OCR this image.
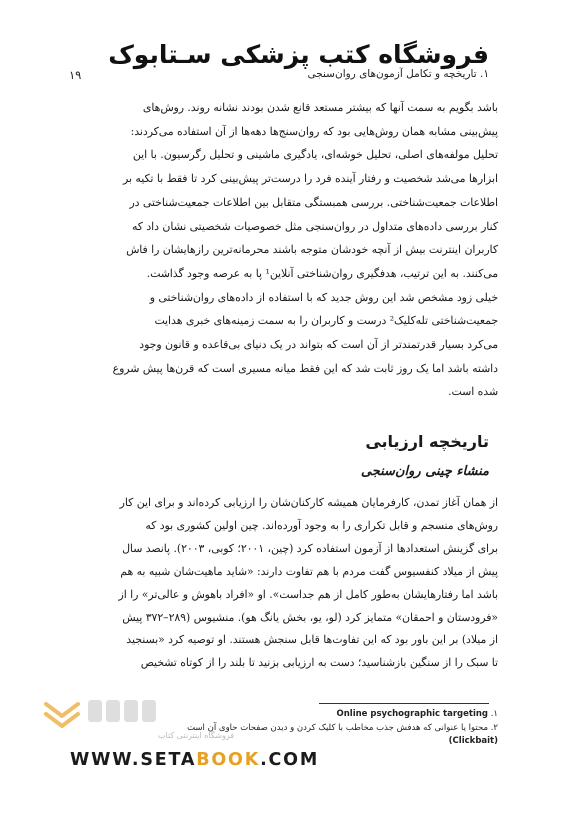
فروشگاه کتب پزشکی سـتابوک
۱. تاریخچه و تکامل آزمون‌های روان‌سنجی
۱۹
باشد بگویم به سمت آنها که بیشتر مستعد قانع شدن بودند نشانه روند. روش‌های
پیش‌بینی مشابه همان روش‌هایی بود که روان‌سنج‌ها دهه‌ها از آن استفاده می‌کردند:
تحلیل مولفه‌های اصلی، تحلیل خوشه‌ای، یادگیری ماشینی و تحلیل رگرسیون. با این
ابزارها می‌شد شخصیت و رفتار آینده فرد را درست‌تر پیش‌بینی کرد تا فقط با تکیه بر
اطلاعات جمعیت‌شناختی. بررسی همبستگی متقابل بین اطلاعات جمعیت‌شناختی در
کنار بررسی داده‌های متداول در روان‌سنجی مثل خصوصیات شخصیتی نشان داد که
کاربران اینترنت بیش از آنچه خودشان متوجه باشند محرمانه‌ترین رازهایشان را فاش
می‌کنند. به این ترتیب، هدفگیری روان‌شناختی آنلاین¹ پا به عرصه وجود گذاشت.
خیلی زود مشخص شد این روش جدید که با استفاده از داده‌های روان‌شناختی و
جمعیت‌شناختی تله‌کلیک² درست و کاربران را به سمت زمینه‌های خبری هدایت
می‌کرد بسیار قدرتمندتر از آن است که بتواند در یک دنیای بی‌قاعده و قانون وجود
داشته باشد اما یک روز ثابت شد که این فقط میانه مسیری است که قرن‌ها پیش شروع
شده است.
تاریخچه ارزیابی
منشاء چینی روان‌سنجی
از همان آغاز تمدن، کارفرمایان همیشه کارکنان‌شان را ارزیابی کرده‌اند و برای این کار
روش‌های منسجم و قابل تکراری را به وجود آورده‌اند. چین اولین کشوری بود که
برای گزینش استعدادها از آزمون استفاده کرد (چین، ۲۰۰۱؛ کوبی، ۲۰۰۳). پانصد سال
پیش از میلاد کنفسیوس گفت مردم با هم تفاوت دارند: «شاید ماهیت‌شان شبیه به هم
باشد اما رفتارهایشان به‌طور کامل از هم جداست». او «افراد با‌هوش و عالی‌تر» را از
«فرودستان و احمقان» متمایز کرد (لو، یو، بخش یانگ هو). منشیوس (۲۸۹–۳۷۲ پیش
از میلاد) بر این باور بود که این تفاوت‌ها قابل سنجش هستند. او توصیه کرد «بسنجید
تا سبک را از سنگین بازشناسید؛ دست به ارزیابی بزنید تا بلند را از کوتاه تشخیص
۱. Online psychographic targeting
۲. محتوا یا عنوانی که هدفش جذب مخاطب با کلیک کردن و دیدن صفحات حاوی آن است
(Clickbait)
فروشگاه اینترنتی کتاب
WWW.SETABOOK.COM
